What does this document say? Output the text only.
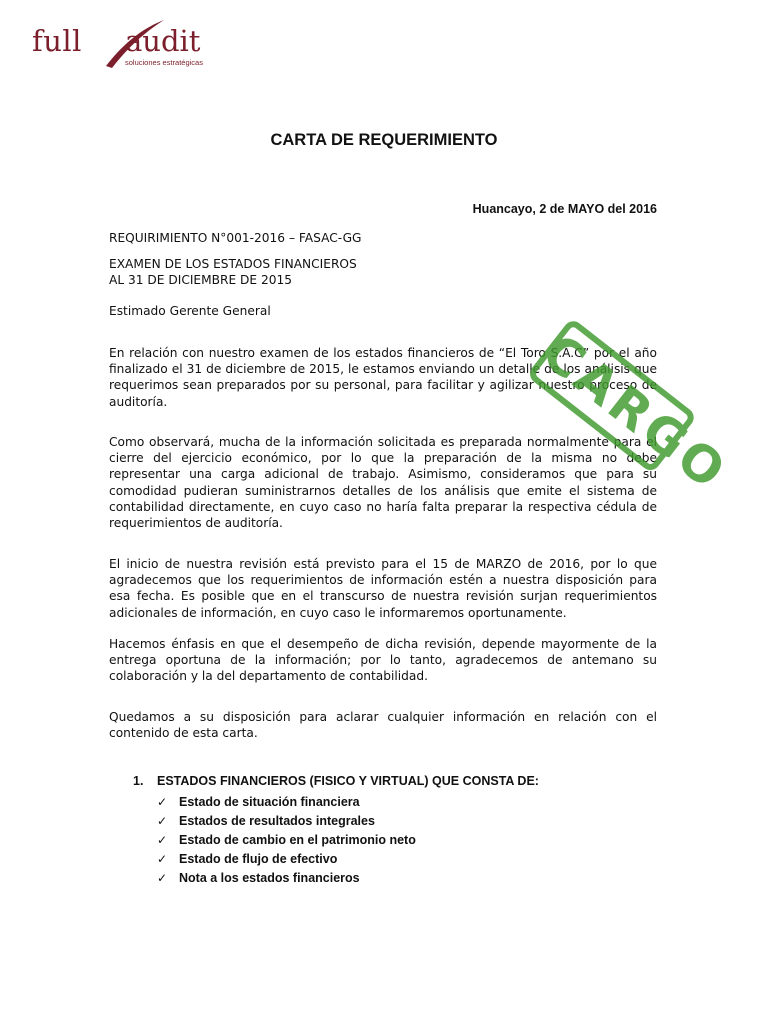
full audit
soluciones estratégicas
CARTA DE REQUERIMIENTO
Huancayo, 2 de MAYO del 2016
REQUIRIMIENTO N°001-2016 – FASAC-GG
EXAMEN DE LOS ESTADOS FINANCIEROS
AL 31 DE DICIEMBRE DE 2015
Estimado Gerente General
En relación con nuestro examen de los estados financieros de “El Toro S.A.C” por el año finalizado el 31 de diciembre de 2015, le estamos enviando un detalle de los análisis que requerimos sean preparados por su personal, para facilitar y agilizar nuestro proceso de auditoría.
Como observará, mucha de la información solicitada es preparada normalmente para el cierre del ejercicio económico, por lo que la preparación de la misma no debe representar una carga adicional de trabajo. Asimismo, consideramos que para su comodidad pudieran suministrarnos detalles de los análisis que emite el sistema de contabilidad directamente, en cuyo caso no haría falta preparar la respectiva cédula de requerimientos de auditoría.
El inicio de nuestra revisión está previsto para el 15 de MARZO de 2016, por lo que agradecemos que los requerimientos de información estén a nuestra disposición para esa fecha. Es posible que en el transcurso de nuestra revisión surjan requerimientos adicionales de información, en cuyo caso le informaremos oportunamente.
Hacemos énfasis en que el desempeño de dicha revisión, depende mayormente de la entrega oportuna de la información; por lo tanto, agradecemos de antemano su colaboración y la del departamento de contabilidad.
Quedamos a su disposición para aclarar cualquier información en relación con el contenido de esta carta.
1.	ESTADOS FINANCIEROS (FISICO Y VIRTUAL) QUE CONSTA DE:
✓ Estado de situación financiera
✓ Estados de resultados integrales
✓ Estado de cambio en el patrimonio neto
✓ Estado de flujo de efectivo
✓ Nota a los estados financieros
CARGO
